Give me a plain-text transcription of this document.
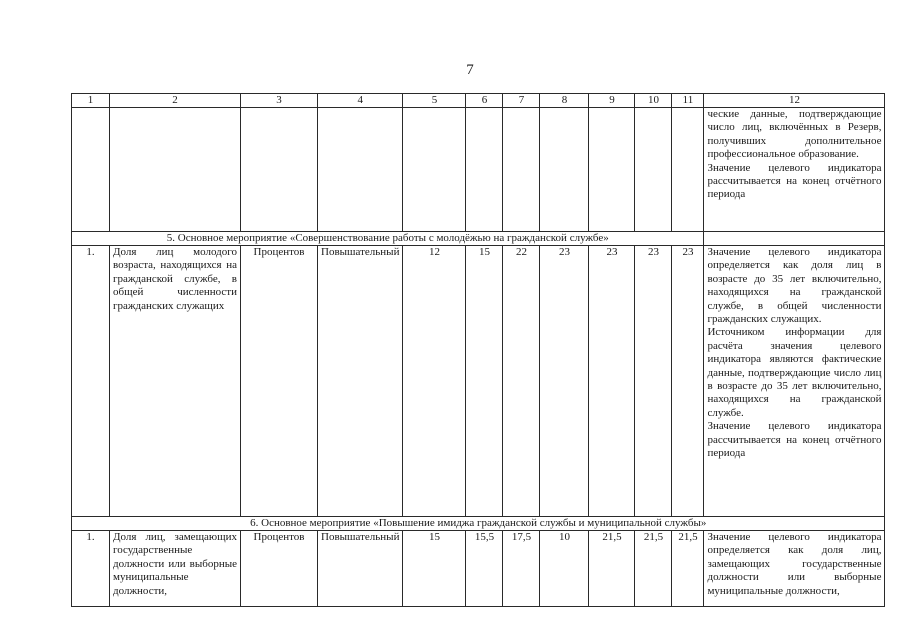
7
1	2	3	4	5	6	7	8	9	10	11	12

											ческие данные, подтверждающие число лиц, включённых в Резерв, получивших дополнительное профессиональное образование.

Значение целевого индикатора рассчитывается на конец отчётного периода

5. Основное мероприятие «Совершенствование работы с молодёжью на гражданской службе»											
1.	Доля лиц молодого возраста, находящихся на гражданской службе, в общей численности гражданских служащих	Процентов	Повышательный	12	15	22	23	23	23	23	Значение целевого индикатора определяется как доля лиц в возрасте до 35 лет включительно, находящихся на гражданской службе, в общей численности гражданских служащих.

Источником информации для расчёта значения целевого индикатора являются фактические данные, подтверждающие число лиц в возрасте до 35 лет включительно, находящихся на гражданской службе.

Значение целевого индикатора рассчитывается на конец отчётного периода

6. Основное мероприятие «Повышение имиджа гражданской службы и муниципальной службы»											
1.	Доля лиц, замещающих государственные должности или выборные муниципальные должности,	Процентов	Повышательный	15	15,5	17,5	10	21,5	21,5	21,5	Значение целевого индикатора определяется как доля лиц, замещающих государственные должности или выборные муниципальные должности,
